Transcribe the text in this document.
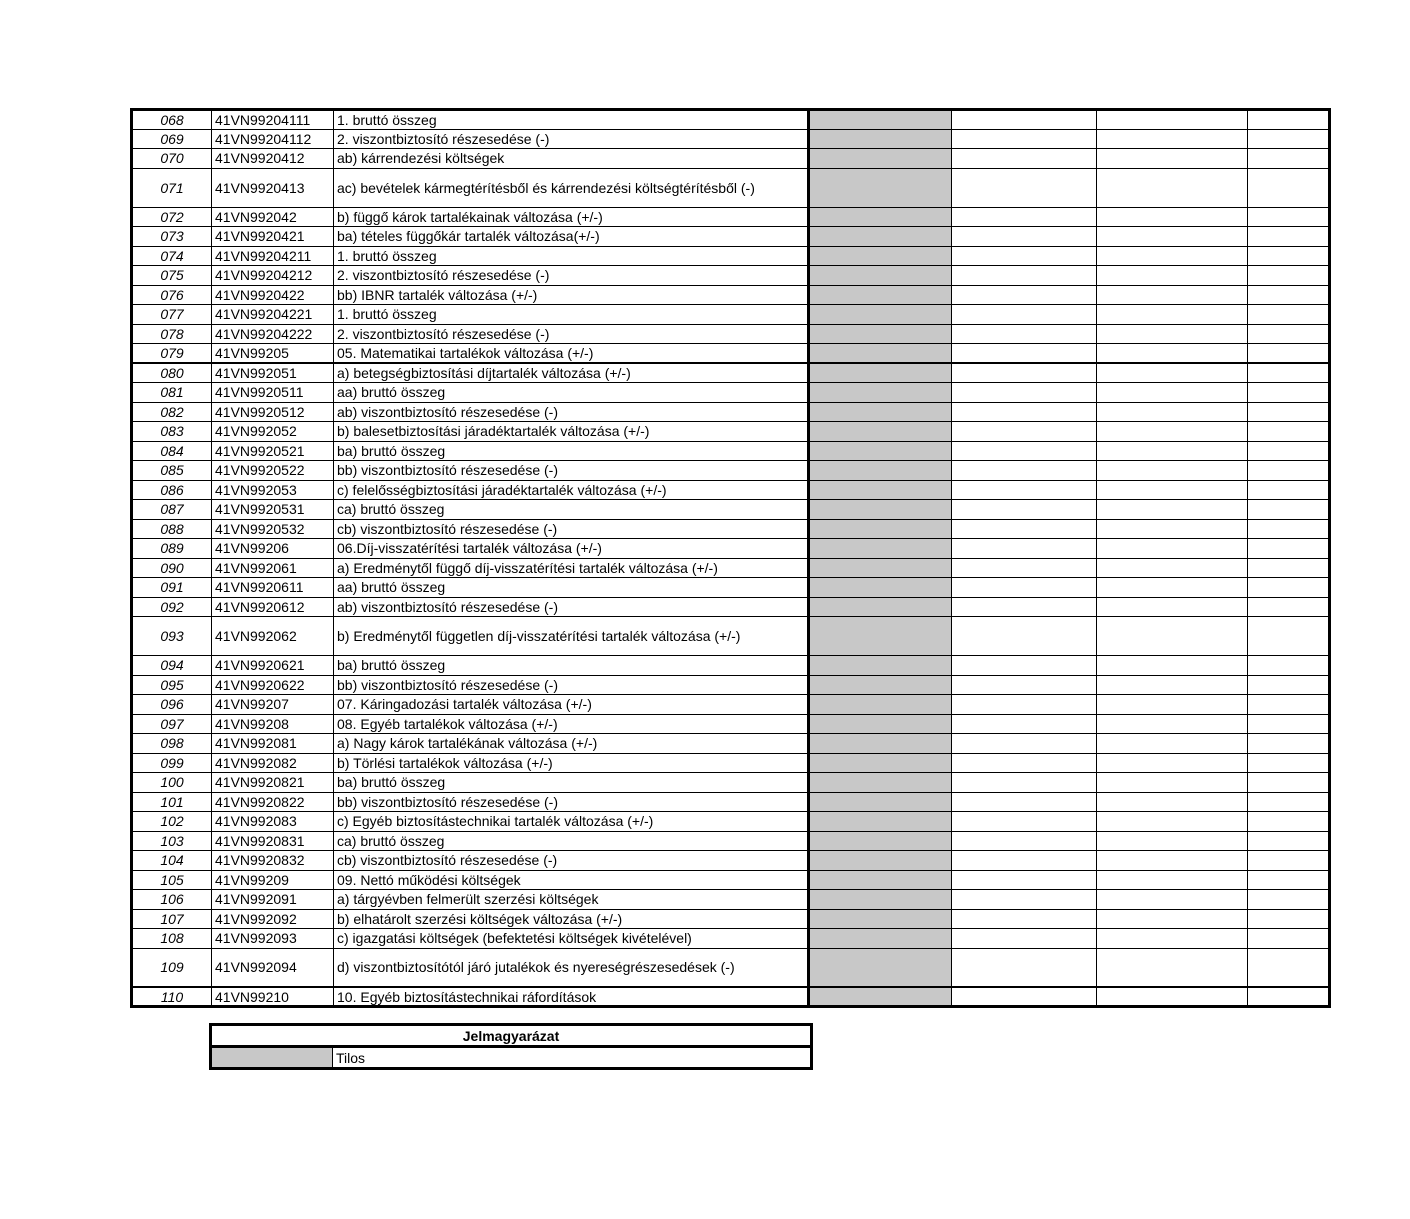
068	41VN99204111	1. bruttó összeg				
069	41VN99204112	2. viszontbiztosító részesedése (-)				
070	41VN9920412	ab) kárrendezési költségek				
071	41VN9920413	ac) bevételek kármegtérítésből és kárrendezési költségtérítésből (-)				
072	41VN992042	b) függő károk tartalékainak változása (+/-)				
073	41VN9920421	ba) tételes függőkár tartalék változása(+/-)				
074	41VN99204211	1. bruttó összeg				
075	41VN99204212	2. viszontbiztosító részesedése (-)				
076	41VN9920422	bb) IBNR tartalék változása (+/-)				
077	41VN99204221	1. bruttó összeg				
078	41VN99204222	2. viszontbiztosító részesedése (-)				
079	41VN99205	05. Matematikai tartalékok változása (+/-)				
080	41VN992051	a) betegségbiztosítási díjtartalék változása (+/-)				
081	41VN9920511	aa) bruttó összeg				
082	41VN9920512	ab) viszontbiztosító részesedése (-)				
083	41VN992052	b) balesetbiztosítási járadéktartalék változása (+/-)				
084	41VN9920521	ba) bruttó összeg				
085	41VN9920522	bb) viszontbiztosító részesedése (-)				
086	41VN992053	c) felelősségbiztosítási járadéktartalék változása (+/-)				
087	41VN9920531	ca) bruttó összeg				
088	41VN9920532	cb) viszontbiztosító részesedése (-)				
089	41VN99206	06.Díj-visszatérítési tartalék változása (+/-)				
090	41VN992061	a) Eredménytől függő díj-visszatérítési tartalék változása (+/-)				
091	41VN9920611	aa) bruttó összeg				
092	41VN9920612	ab) viszontbiztosító részesedése (-)				
093	41VN992062	b) Eredménytől független díj-visszatérítési tartalék változása (+/-)				
094	41VN9920621	ba) bruttó összeg				
095	41VN9920622	bb) viszontbiztosító részesedése (-)				
096	41VN99207	07. Káringadozási tartalék változása (+/-)				
097	41VN99208	08. Egyéb tartalékok változása (+/-)				
098	41VN992081	a) Nagy károk tartalékának változása (+/-)				
099	41VN992082	b) Törlési tartalékok változása (+/-)				
100	41VN9920821	ba) bruttó összeg				
101	41VN9920822	bb) viszontbiztosító részesedése (-)				
102	41VN992083	c) Egyéb biztosítástechnikai tartalék változása (+/-)				
103	41VN9920831	ca) bruttó összeg				
104	41VN9920832	cb) viszontbiztosító részesedése (-)				
105	41VN99209	09. Nettó működési költségek				
106	41VN992091	a) tárgyévben felmerült szerzési költségek				
107	41VN992092	b) elhatárolt szerzési költségek változása (+/-)				
108	41VN992093	c) igazgatási költségek (befektetési költségek kivételével)				
109	41VN992094	d) viszontbiztosítótól járó jutalékok és nyereségrészesedések (-)				
110	41VN99210	10. Egyéb biztosítástechnikai ráfordítások				
Jelmagyarázat
	Tilos
